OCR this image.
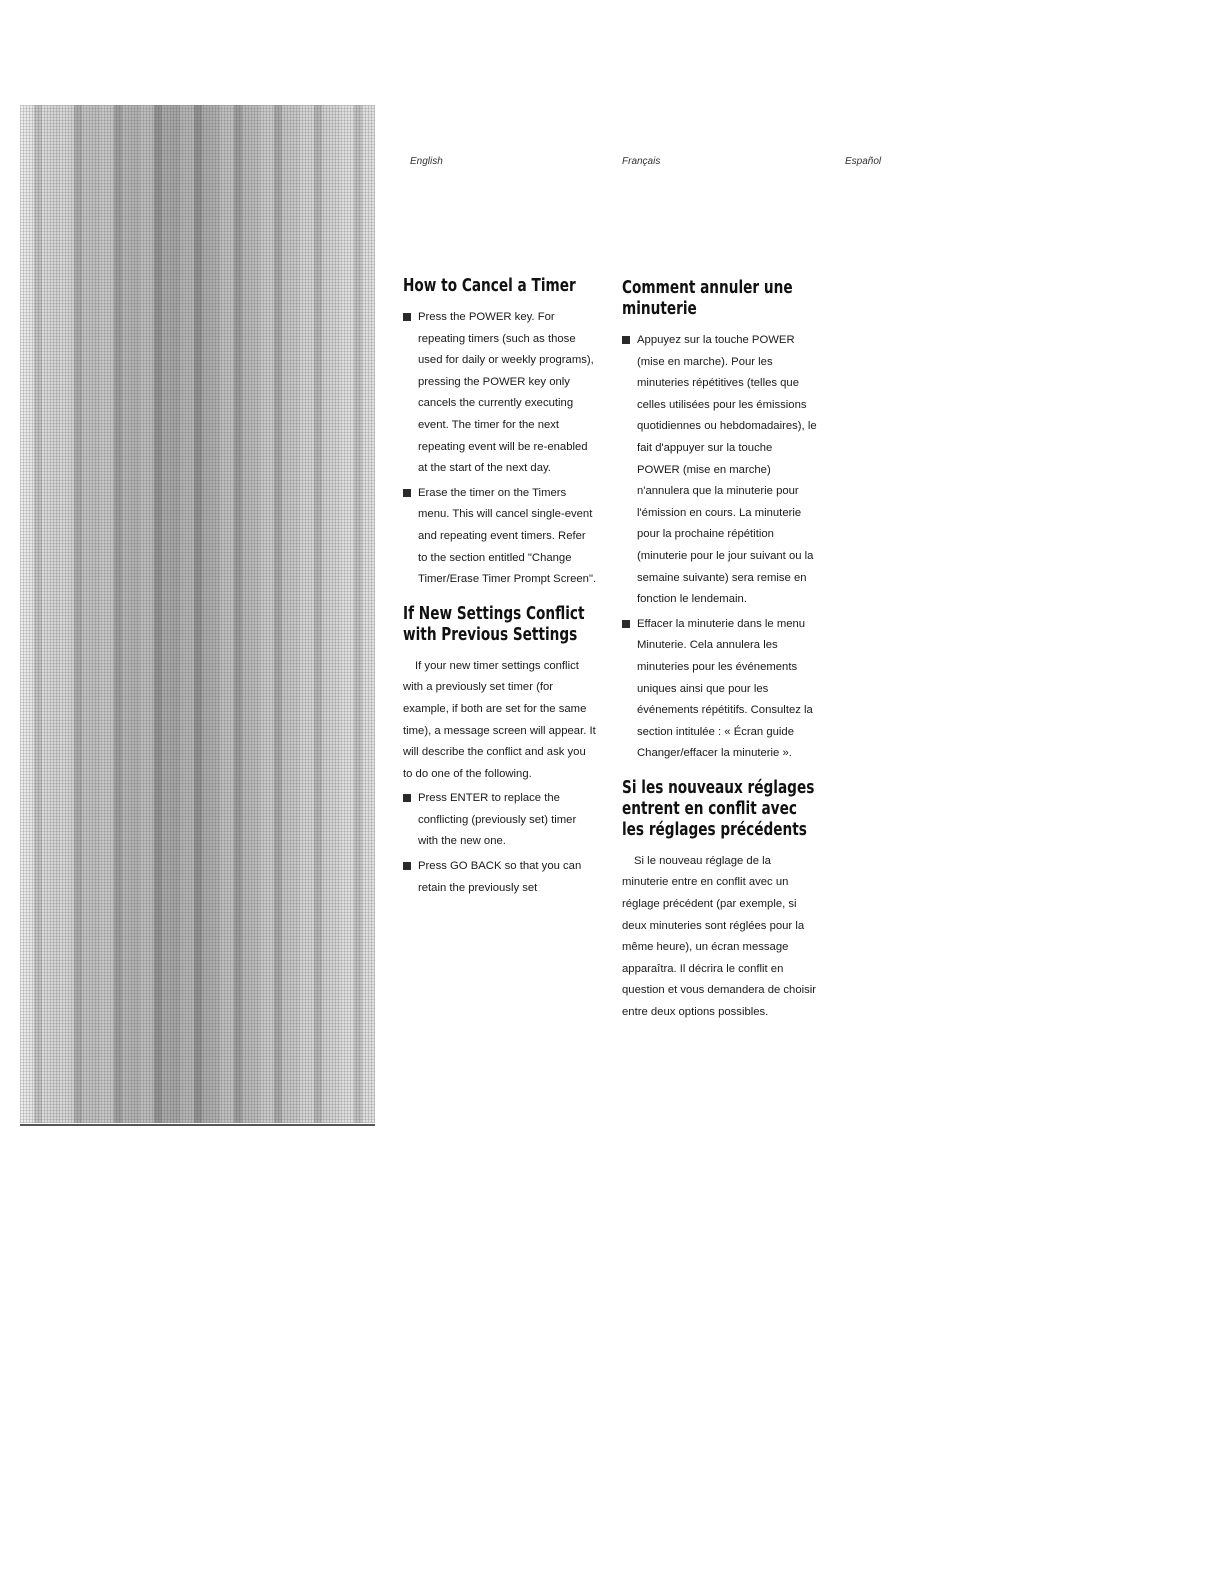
English	Français	Español
How to Cancel a Timer
Press the POWER key. For repeating timers (such as those used for daily or weekly programs), pressing the POWER key only cancels the currently executing event. The timer for the next repeating event will be re-enabled at the start of the next day.
Erase the timer on the Timers menu. This will cancel single-event and repeating event timers. Refer to the section entitled "Change Timer/Erase Timer Prompt Screen".
If New Settings Conflict with Previous Settings

If your new timer settings conflict with a previously set timer (for example, if both are set for the same time), a message screen will appear. It will describe the conflict and ask you to do one of the following.

Press ENTER to replace the conflicting (previously set) timer with the new one.
Press GO BACK so that you can retain the previously set
Comment annuler une minuterie
Appuyez sur la touche POWER (mise en marche). Pour les minuteries répétitives (telles que celles utilisées pour les émissions quotidiennes ou hebdomadaires), le fait d'appuyer sur la touche POWER (mise en marche) n'annulera que la minuterie pour l'émission en cours. La minuterie pour la prochaine répétition (minuterie pour le jour suivant ou la semaine suivante) sera remise en fonction le lendemain.
Effacer la minuterie dans le menu Minuterie. Cela annulera les minuteries pour les événements uniques ainsi que pour les événements répétitifs. Consultez la section intitulée : « Écran guide Changer/effacer la minuterie ».
Si les nouveaux réglages entrent en conflit avec les réglages précédents

Si le nouveau réglage de la minuterie entre en conflit avec un réglage précédent (par exemple, si deux minuteries sont réglées pour la même heure), un écran message apparaîtra. Il décrira le conflit en question et vous demandera de choisir entre deux options possibles.
